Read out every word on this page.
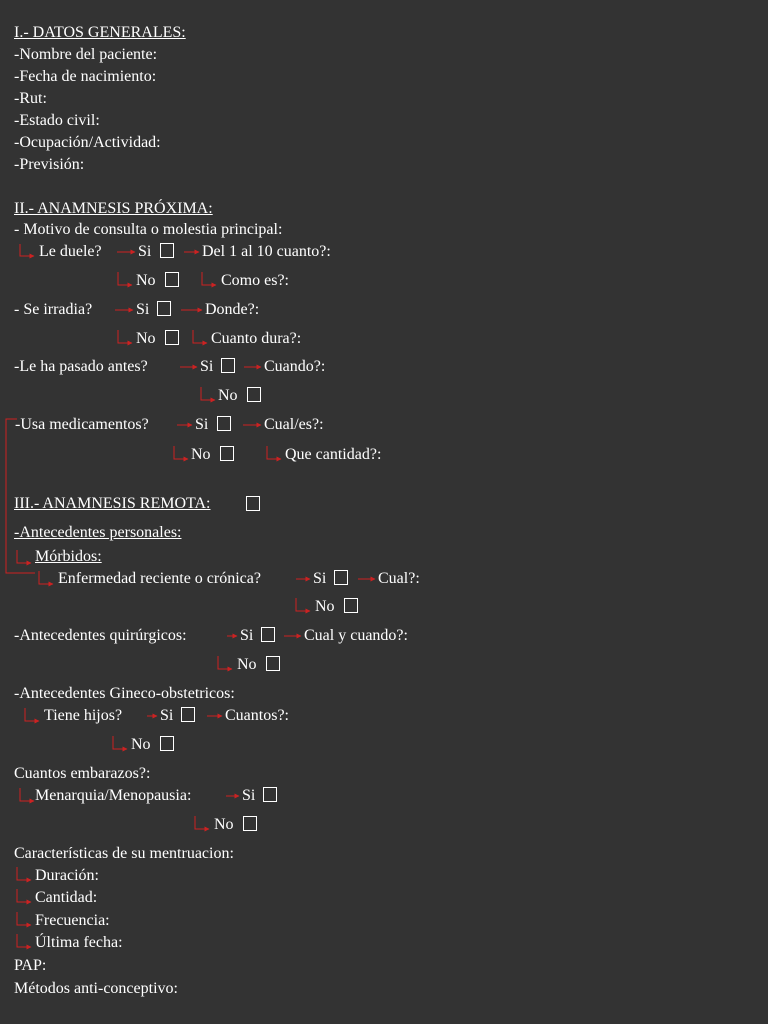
I.- DATOS GENERALES:
-Nombre del paciente:
-Fecha de nacimiento:
-Rut:
-Estado civil:
-Ocupación/Actividad:
-Previsión:
II.- ANAMNESIS PRÓXIMA:
- Motivo de consulta o molestia principal:
Le duele? Si	Del 1 al 10 cuanto?:
No	Como es?:
- Se irradia?	Si	Donde?:
No	Cuanto dura?:
-Le ha pasado antes?	Si	Cuando?:
No
-Usa medicamentos?	Si	Cual/es?:
No	Que cantidad?:
III.- ANAMNESIS REMOTA:
-Antecedentes personales:
Mórbidos:
Enfermedad reciente o crónica?	Si	Cual?:
No
-Antecedentes quirúrgicos:	Si	Cual y cuando?:
No
-Antecedentes Gineco-obstetricos:
Tiene hijos? Si	Cuantos?:
No
Cuantos embarazos?:
Menarquia/Menopausia:	Si
No
Características de su mentruacion:
Duración:
Cantidad:
Frecuencia:
Última fecha:
PAP:
Métodos anti-conceptivo:
